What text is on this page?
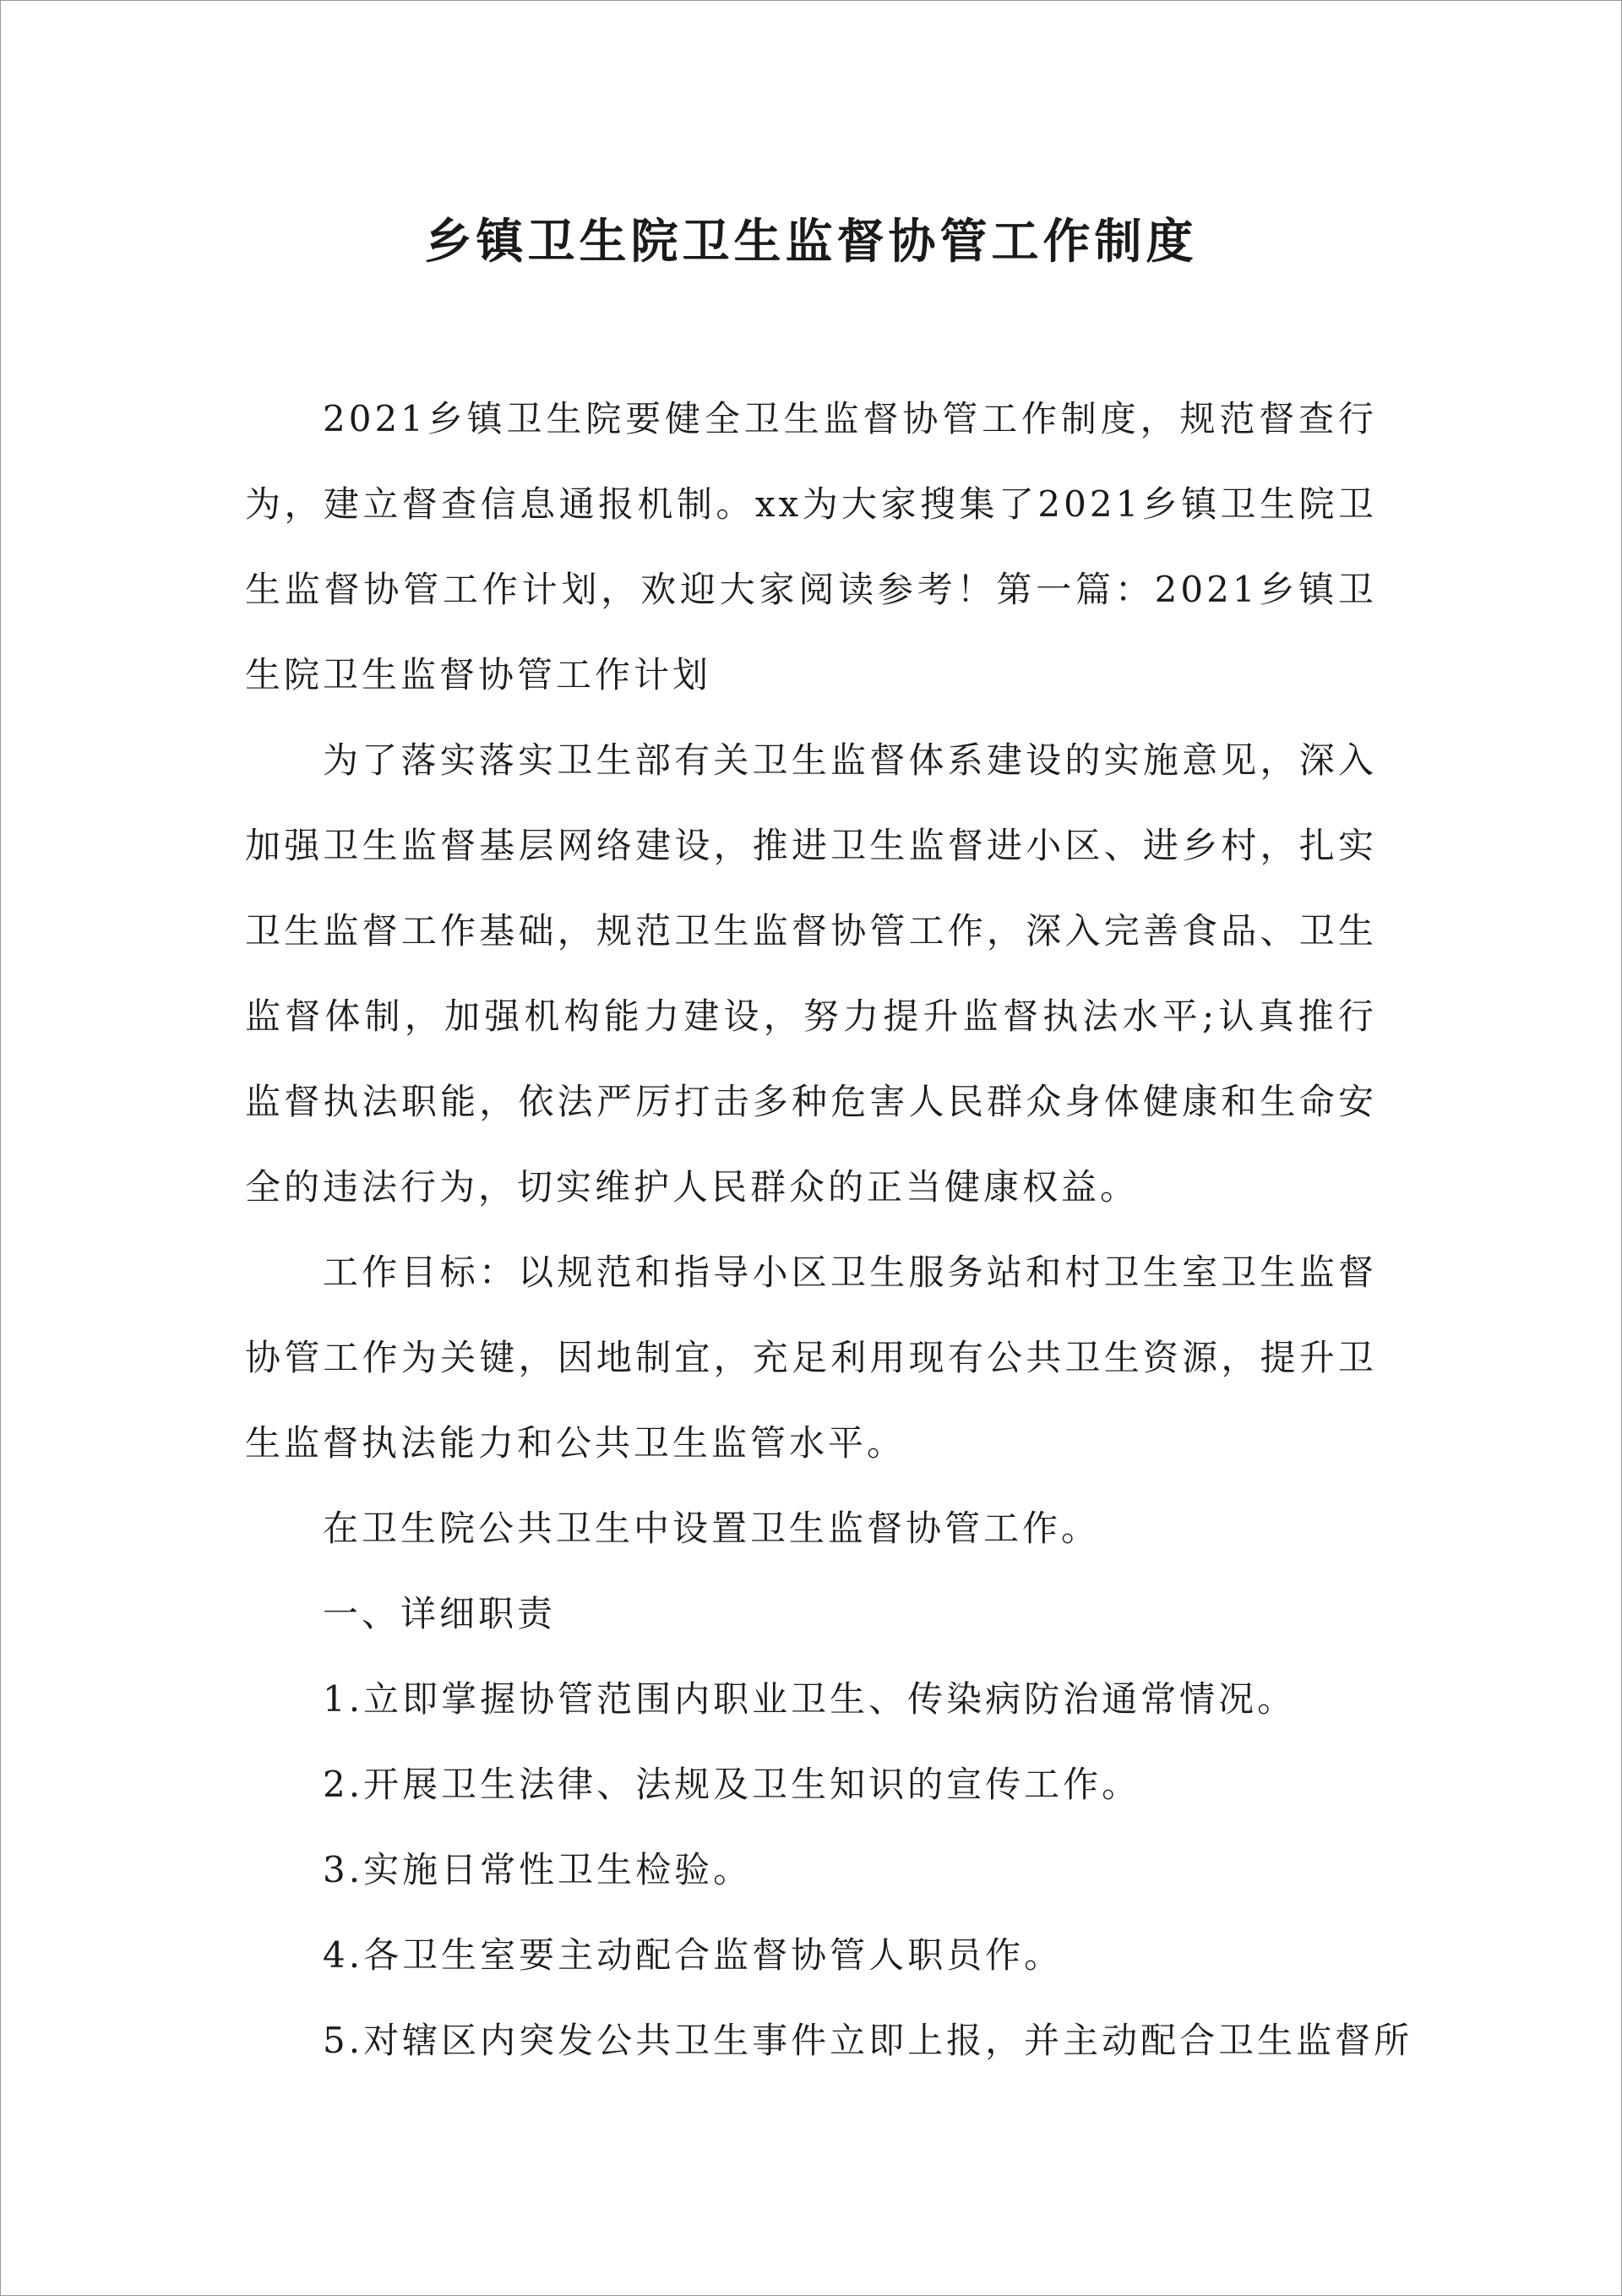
乡镇卫生院卫生监督协管工作制度

2021乡镇卫生院要健全卫生监督协管工作制度，规范督查行为，建立督查信息通报机制。xx为大家搜集了2021乡镇卫生院卫生监督协管工作计划，欢迎大家阅读参考！第一篇：2021乡镇卫生院卫生监督协管工作计划

为了落实落实卫生部有关卫生监督体系建设的实施意见，深入加强卫生监督基层网络建设，推进卫生监督进小区、进乡村，扎实卫生监督工作基础，规范卫生监督协管工作，深入完善食品、卫生监督体制，加强机构能力建设，努力提升监督执法水平;认真推行监督执法职能，依法严厉打击多种危害人民群众身体健康和生命安全的违法行为，切实维护人民群众的正当健康权益。

工作目标：以规范和指导小区卫生服务站和村卫生室卫生监督协管工作为关键，因地制宜，充足利用现有公共卫生资源，提升卫生监督执法能力和公共卫生监管水平。

在卫生院公共卫生中设置卫生监督协管工作。

一、详细职责

1.立即掌握协管范围内职业卫生、传染病防治通常情况。

2.开展卫生法律、法规及卫生知识的宣传工作。

3.实施日常性卫生检验。

4.各卫生室要主动配合监督协管人职员作。

5.对辖区内突发公共卫生事件立即上报，并主动配合卫生监督所
